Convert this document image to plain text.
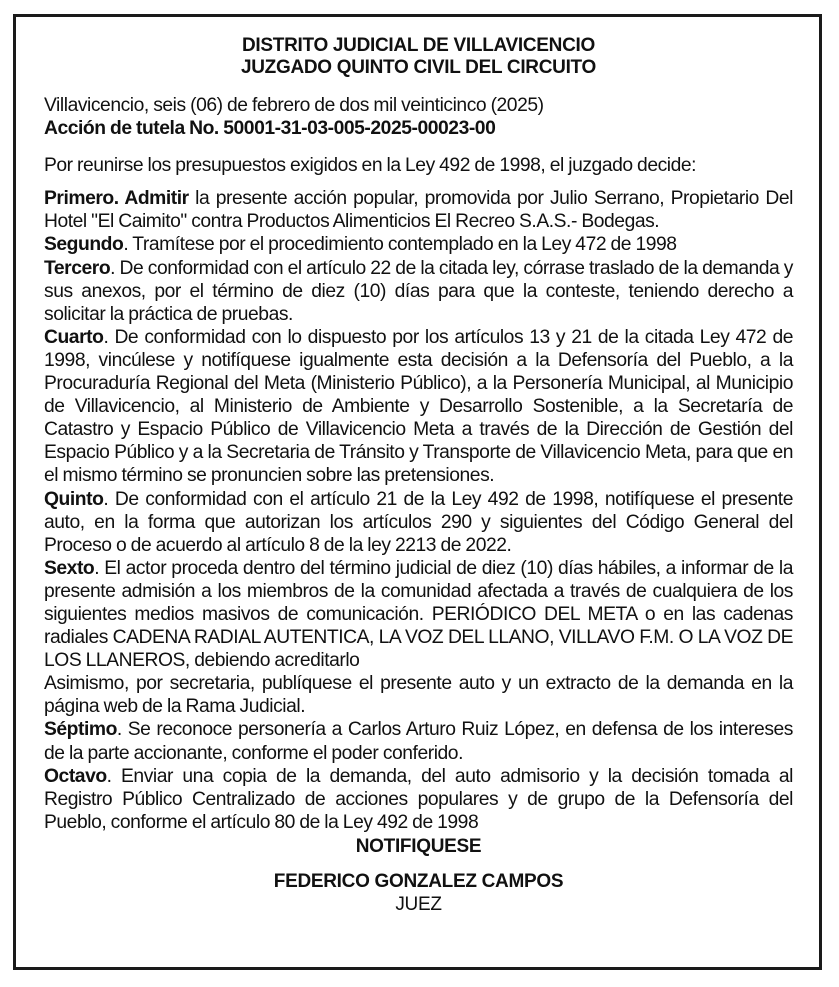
DISTRITO JUDICIAL DE VILLAVICENCIO
JUZGADO QUINTO CIVIL DEL CIRCUITO
Villavicencio, seis (06) de febrero de dos mil veinticinco (2025)
Acción de tutela No. 50001-31-03-005-2025-00023-00
Por reunirse los presupuestos exigidos en la Ley 492 de 1998, el juzgado decide:

Primero. Admitir la presente acción popular, promovida por Julio Serrano, Propietario Del Hotel "El Caimito" contra Productos Alimenticios El Recreo S.A.S.- Bodegas.

Segundo. Tramítese por el procedimiento contemplado en la Ley 472 de 1998

Tercero. De conformidad con el artículo 22 de la citada ley, córrase traslado de la demanda y sus anexos, por el término de diez (10) días para que la conteste, teniendo derecho a solicitar la práctica de pruebas.

Cuarto. De conformidad con lo dispuesto por los artículos 13 y 21 de la citada Ley 472 de 1998, vincúlese y notifíquese igualmente esta decisión a la Defensoría del Pueblo, a la Procuraduría Regional del Meta (Ministerio Público), a la Personería Municipal, al Municipio de Villavicencio, al Ministerio de Ambiente y Desarrollo Sostenible, a la Secretaría de Catastro y Espacio Público de Villavicencio Meta a través de la Dirección de Gestión del Espacio Público y a la Secretaria de Tránsito y Transporte de Villavicencio Meta, para que en el mismo término se pronuncien sobre las pretensiones.

Quinto. De conformidad con el artículo 21 de la Ley 492 de 1998, notifíquese el presente auto, en la forma que autorizan los artículos 290 y siguientes del Código General del Proceso o de acuerdo al artículo 8 de la ley 2213 de 2022.

Sexto. El actor proceda dentro del término judicial de diez (10) días hábiles, a informar de la presente admisión a los miembros de la comunidad afectada a través de cualquiera de los siguientes medios masivos de comunicación. PERIÓDICO DEL META o en las cadenas radiales CADENA RADIAL AUTENTICA, LA VOZ DEL LLANO, VILLAVO F.M. O LA VOZ DE LOS LLANEROS, debiendo acreditarlo

Asimismo, por secretaria, publíquese el presente auto y un extracto de la demanda en la página web de la Rama Judicial.

Séptimo. Se reconoce personería a Carlos Arturo Ruiz López, en defensa de los intereses de la parte accionante, conforme el poder conferido.

Octavo. Enviar una copia de la demanda, del auto admisorio y la decisión tomada al Registro Público Centralizado de acciones populares y de grupo de la Defensoría del Pueblo, conforme el artículo 80 de la Ley 492 de 1998

NOTIFIQUESE
FEDERICO GONZALEZ CAMPOS
JUEZ
